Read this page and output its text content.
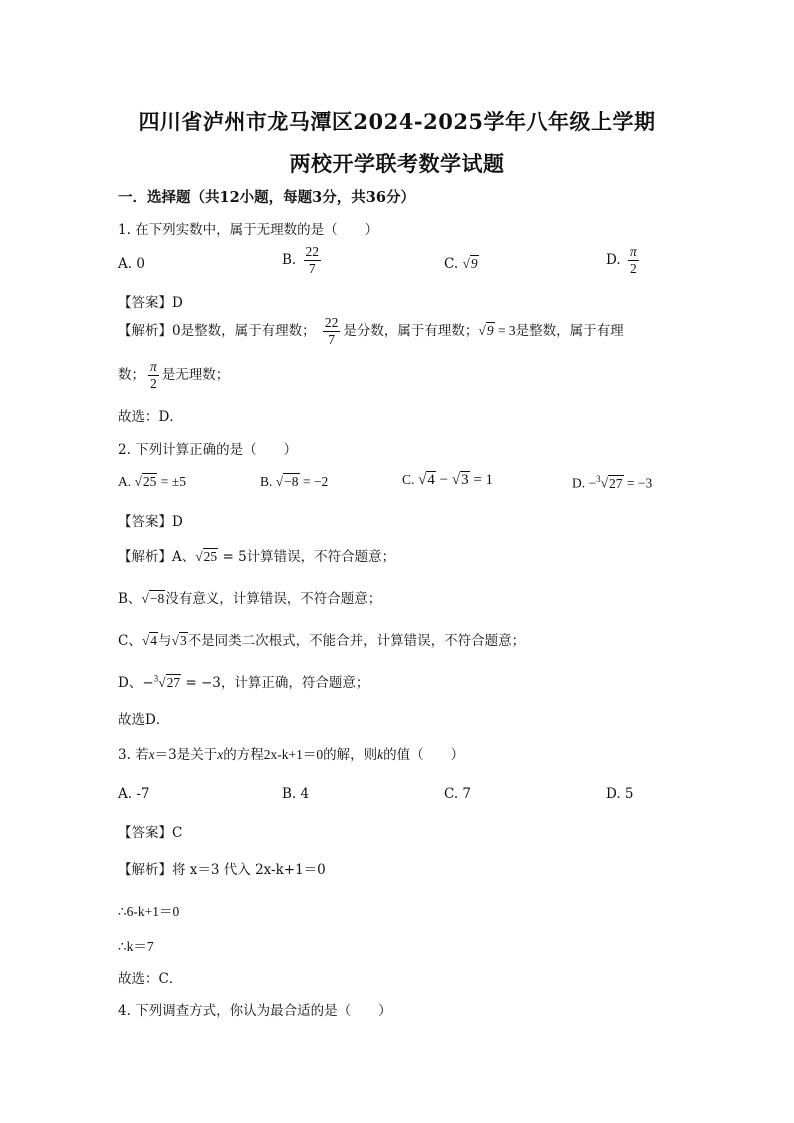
四川省泸州市龙马潭区2024-2025学年八年级上学期
两校开学联考数学试题
一．选择题（共12小题，每题3分，共36分）
1. 在下列实数中，属于无理数的是（　　）
A. 0	B. $\frac{22}{7}$	C. √9	D. $\frac{\pi}{2}$
【答案】D
【解析】0是整数，属于有理数； $\frac{22}{7}$ 是分数，属于有理数；√9 = 3是整数，属于有理
数； $\frac{\pi}{2}$ 是无理数；
故选：D．
2. 下列计算正确的是（　　）
A. √25 = ±5	B. √−8 = −2	C. √4 − √3 = 1	D. −$^3$√27 = −3
【答案】D
【解析】A、√25 = 5计算错误，不符合题意；
B、√−8没有意义，计算错误，不符合题意；
C、√4与√3不是同类二次根式，不能合并，计算错误，不符合题意；
D、−$^3$√27 = −3，计算正确，符合题意；
故选D．
3. 若x＝3是关于x的方程2x-k+1＝0的解，则k的值（　　）
A. -7	B. 4	C. 7	D. 5
【答案】C
【解析】将 x＝3 代入 2x-k+1＝0
∴6-k+1＝0
∴k＝7
故选：C．
4. 下列调查方式，你认为最合适的是（　　）
